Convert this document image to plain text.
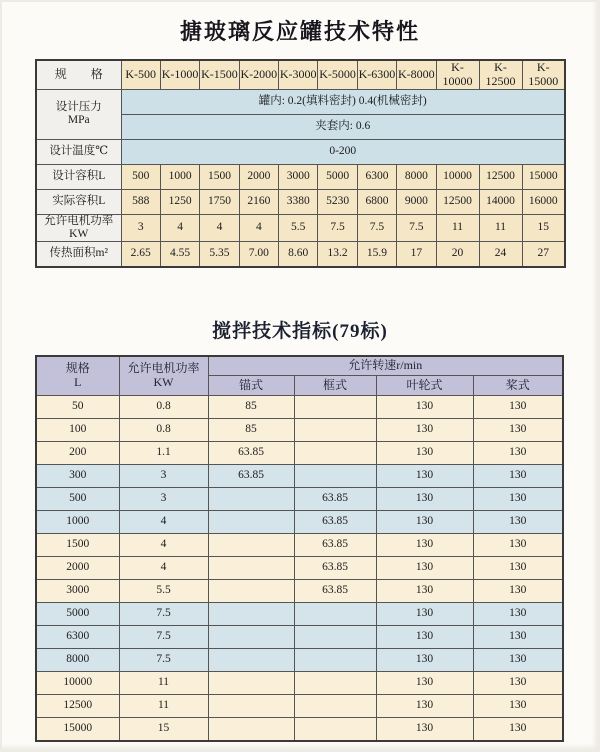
搪玻璃反应罐技术特性
规　　格	K-500	K-1000	K-1500	K-2000	K-3000	K-5000	K-6300	K-8000	K-10000	K-12500	K-15000

设计压力
MPa	罐内: 0.2(填料密封) 0.4(机械密封)										
	夹套内: 0.6										
设计温度℃	0-200										
设计容积L	500	1000	1500	2000	3000	5000	6300	8000	10000	12500	15000
实际容积L	588	1250	1750	2160	3380	5230	6800	9000	12500	14000	16000
允许电机功率KW	3	4	4	4	5.5	7.5	7.5	7.5	11	11	15
传热面积m²	2.65	4.55	5.35	7.00	8.60	13.2	15.9	17	20	24	27
搅拌技术指标(79标)
规格
L

允许电机功率
KW
	允许转速r/min
		锚式	框式	叶轮式	桨式
50	0.8	85		130	130
100	0.8	85		130	130
200	1.1	63.85		130	130
300	3	63.85		130	130
500	3		63.85	130	130
1000	4		63.85	130	130
1500	4		63.85	130	130
2000	4		63.85	130	130
3000	5.5		63.85	130	130
5000	7.5			130	130
6300	7.5			130	130
8000	7.5			130	130
10000	11			130	130
12500	11			130	130
15000	15			130	130
